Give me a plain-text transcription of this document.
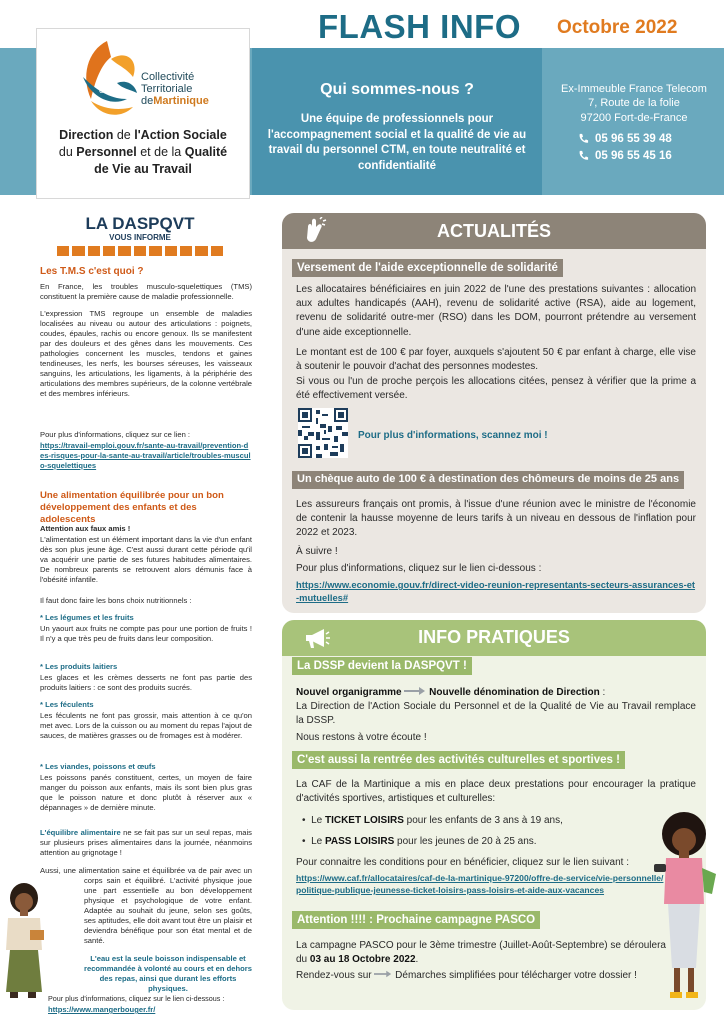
FLASH INFO Octobre 2022
CTM
Collectivité
Territoriale
deMartinique
Direction de l'Action Sociale
du Personnel et de la Qualité
de Vie au Travail
Qui sommes-nous ?
Une équipe de professionnels pour l'accompagnement social et la qualité de vie au travail du personnel CTM, en toute neutralité et confidentialité
Ex-Immeuble France Telecom
7, Route de la folie
97200 Fort-de-France
05 96 55 39 48
05 96 55 45 16
LA DASPQVT
VOUS INFORME
Les T.M.S c'est quoi ?
En France, les troubles musculo-squelettiques (TMS) constituent la première cause de maladie professionnelle.
L'expression TMS regroupe un ensemble de maladies localisées au niveau ou autour des articulations : poignets, coudes, épaules, rachis ou encore genoux. Ils se manifestent par des douleurs et des gênes dans les mouvements. Ces pathologies concernent les muscles, tendons et gaines tendineuses, les nerfs, les bourses séreuses, les vaisseaux sanguins, les articulations, les ligaments, à la périphérie des articulations des membres supérieurs, de la colonne vertébrale et des membres inférieurs.
Pour plus d'informations, cliquez sur ce lien :
https://travail-emploi.gouv.fr/sante-au-travail/prevention-des-risques-pour-la-sante-au-travail/article/troubles-musculo-squelettiques
Une alimentation équilibrée pour un bon développement des enfants et des adolescents
Attention aux faux amis !
L'alimentation est un élément important dans la vie d'un enfant dès son plus jeune âge. C'est aussi durant cette période qu'il va acquérir une partie de ses futures habitudes alimentaires. De nombreux parents se retrouvent alors démunis face à l'obésité infantile.
Il faut donc faire les bons choix nutritionnels :
* Les légumes et les fruits
Un yaourt aux fruits ne compte pas pour une portion de fruits ! Il n'y a que très peu de fruits dans leur composition.
* Les produits laitiers
Les glaces et les crèmes desserts ne font pas partie des produits laitiers : ce sont des produits sucrés.
* Les féculents
Les féculents ne font pas grossir, mais attention à ce qu'on met avec. Lors de la cuisson ou au moment du repas l'ajout de sauces, de matières grasses ou de fromages est à modérer.
* Les viandes, poissons et œufs
Les poissons panés constituent, certes, un moyen de faire manger du poisson aux enfants, mais ils sont bien plus gras que le poisson nature et donc plutôt à réserver aux « dépannages » de dernière minute.
L'équilibre alimentaire ne se fait pas sur un seul repas, mais sur plusieurs prises alimentaires dans la journée, néanmoins attention au grignotage !
Aussi, une alimentation saine et équilibrée va de pair avec un corps sain et équilibré. L'activité physique joue une part essentielle au bon développement physique et psychologique de votre enfant. Adaptée au souhait du jeune, selon ses goûts, ses aptitudes, elle doit avant tout être un plaisir et deviendra bénéfique pour son état mental et de santé.
L'eau est la seule boisson indispensable et recommandée à volonté au cours et en dehors des repas, ainsi que durant les efforts physiques.
Pour plus d'informations, cliquez sur le lien ci-dessous :
https://www.mangerbouger.fr/
ACTUALITÉS
Versement de l'aide exceptionnelle de solidarité
Les allocataires bénéficiaires en juin 2022 de l'une des prestations suivantes : allocation aux adultes handicapés (AAH), revenu de solidarité active (RSA), aide au logement, revenu de solidarité outre-mer (RSO) dans les DOM, pourront prétendre au versement d'une aide exceptionnelle.
Le montant est de 100 € par foyer, auxquels s'ajoutent 50 € par enfant à charge, elle vise à soutenir le pouvoir d'achat des personnes modestes.
Si vous ou l'un de proche perçois les allocations citées, pensez à vérifier que la prime a été effectivement versée.
Pour plus d'informations, scannez moi !
Un chèque auto de 100 € à destination des chômeurs de moins de 25 ans
Les assureurs français ont promis, à l'issue d'une réunion avec le ministre de l'économie de contenir la hausse moyenne de leurs tarifs à un niveau en dessous de l'inflation pour 2022 et 2023.
À suivre !
Pour plus d'informations, cliquez sur le lien ci-dessous :
https://www.economie.gouv.fr/direct-video-reunion-representants-secteurs-assurances-et-mutuelles#
INFO PRATIQUES
La DSSP devient la DASPQVT !
Nouvel organigramme	Nouvelle dénomination de Direction :
La Direction de l'Action Sociale du Personnel et de la Qualité de Vie au Travail remplace la DSSP.
Nous restons à votre écoute !
C'est aussi la rentrée des activités culturelles et sportives !
La CAF de la Martinique a mis en place deux prestations pour encourager la pratique d'activités sportives, artistiques et culturelles:
•  Le TICKET LOISIRS pour les enfants de 3 ans à 19 ans,
•  Le PASS LOISIRS pour les jeunes de 20 à 25 ans.
Pour connaitre les conditions pour en bénéficier, cliquez sur le lien suivant :
https://www.caf.fr/allocataires/caf-de-la-martinique-97200/offre-de-service/vie-personnelle/politique-publique-jeunesse-ticket-loisirs-pass-loisirs-et-aide-aux-vacances
Attention !!!! : Prochaine campagne PASCO
La campagne PASCO pour le 3ème trimestre (Juillet-Août-Septembre) se déroulera du 03 au 18 Octobre 2022.
Rendez-vous sur Démarches simplifiées pour télécharger votre dossier !
